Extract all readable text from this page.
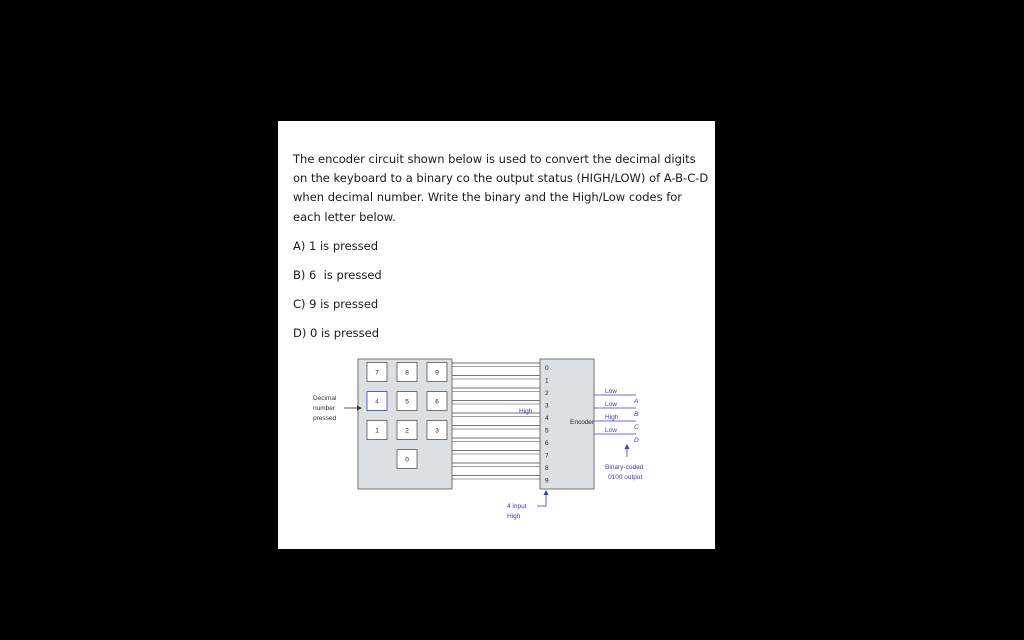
The encoder circuit shown below is used to convert the decimal digits on the keyboard to a binary co the output status (HIGH/LOW) of A-B-C-D when decimal number. Write the binary and the High/Low codes for each letter below.

A) 1 is pressed

B) 6  is pressed

C) 9 is pressed

D) 0 is pressed

7	8	9
4	5	6
1	2	3
0
Decimal
number
pressed
0
1
2
3
4
5
6
7
8
9
Encoder
High
Low
A
Low
B
High
C
Low
D
Binary-coded
0100 output
4 input
High
